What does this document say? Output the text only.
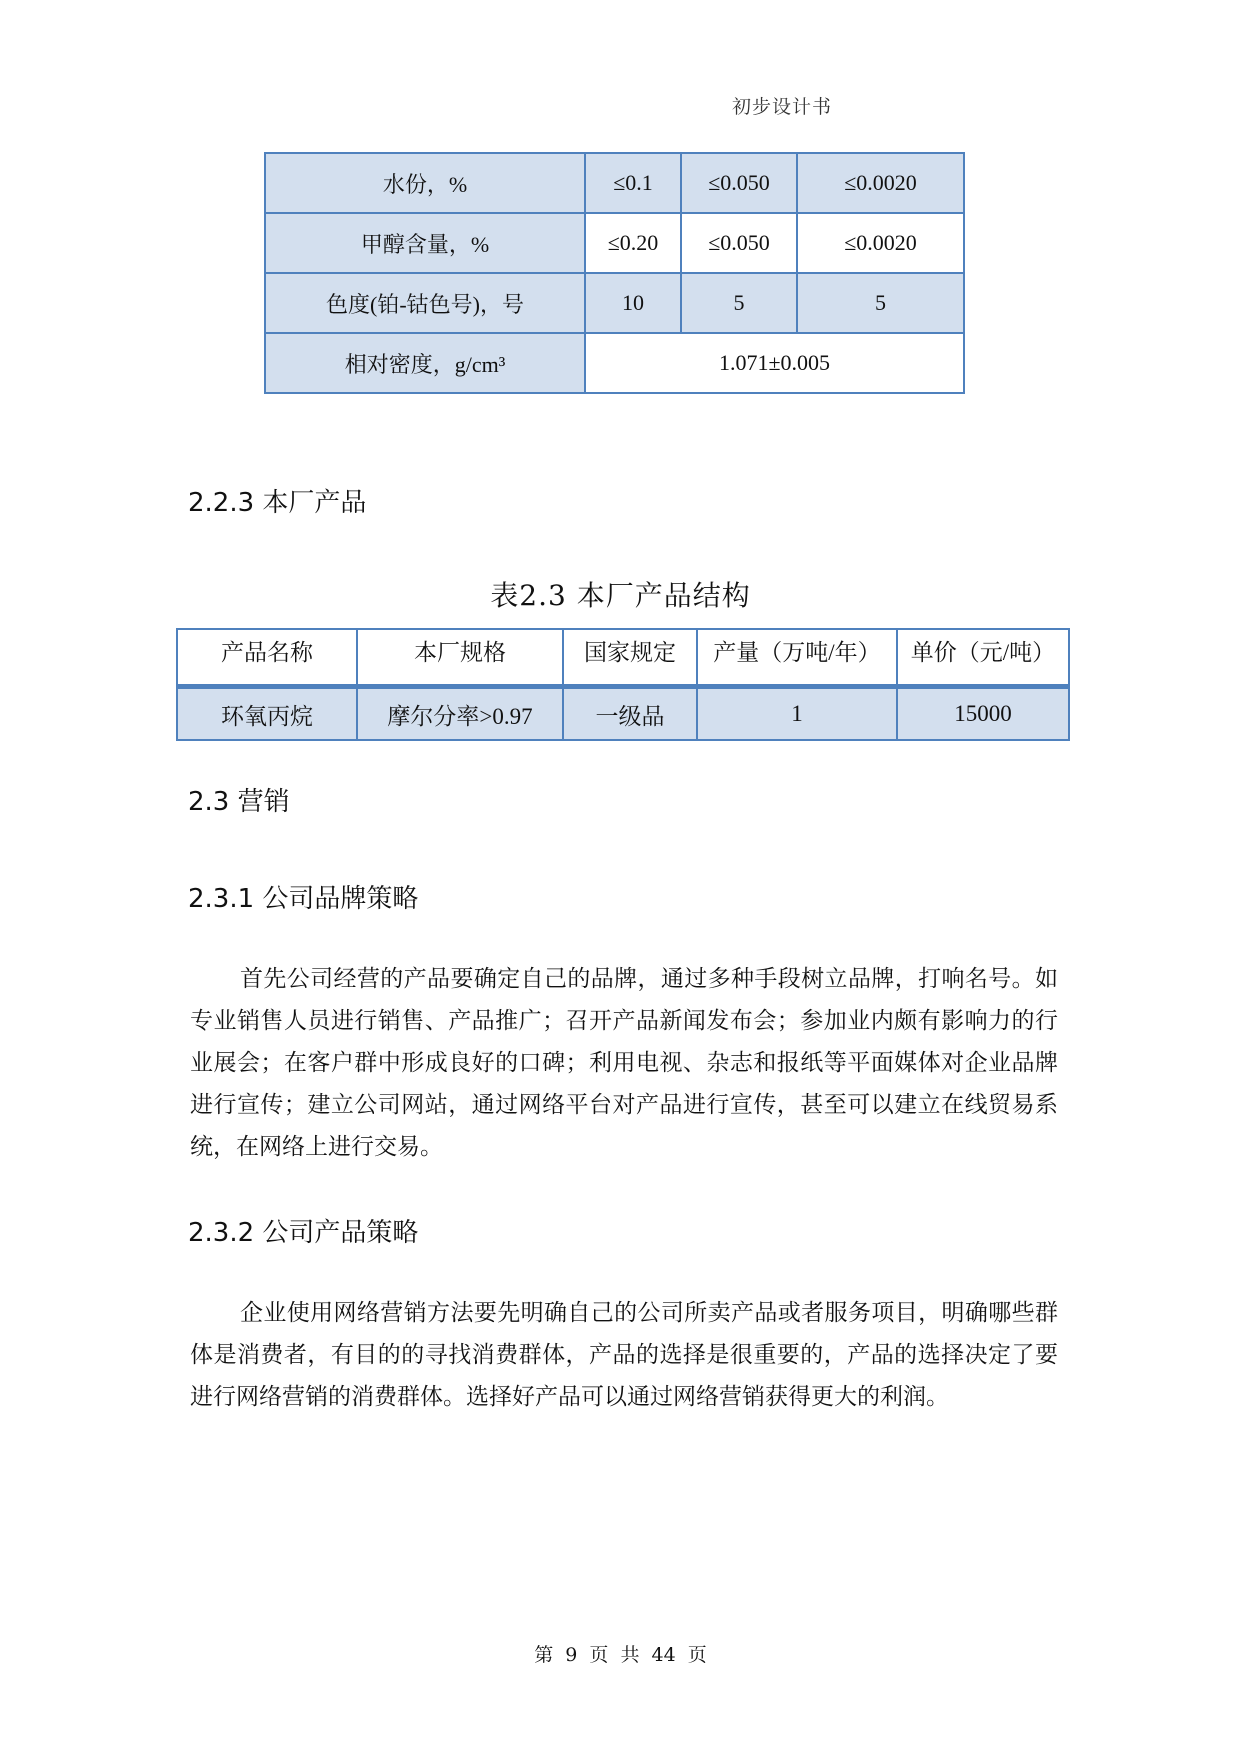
初步设计书
水份，%	≤0.1	≤0.050	≤0.0020
甲醇含量，%	≤0.20	≤0.050	≤0.0020
色度(铂-钴色号)，号	10	5	5
相对密度，g/cm³	1.071±0.005		
2.2.3 本厂产品
表2.3 本厂产品结构
产品名称	本厂规格	国家规定	产量（万吨/年）	单价（元/吨）
环氧丙烷	摩尔分率>0.97	一级品	1	15000
2.3 营销
2.3.1 公司品牌策略
首先公司经营的产品要确定自己的品牌，通过多种手段树立品牌，打响名号。如专业销售人员进行销售、产品推广；召开产品新闻发布会；参加业内颇有影响力的行业展会；在客户群中形成良好的口碑；利用电视、杂志和报纸等平面媒体对企业品牌进行宣传；建立公司网站，通过网络平台对产品进行宣传，甚至可以建立在线贸易系统，在网络上进行交易。
2.3.2 公司产品策略
企业使用网络营销方法要先明确自己的公司所卖产品或者服务项目，明确哪些群体是消费者，有目的的寻找消费群体，产品的选择是很重要的，产品的选择决定了要进行网络营销的消费群体。选择好产品可以通过网络营销获得更大的利润。
第 9 页 共 44 页
